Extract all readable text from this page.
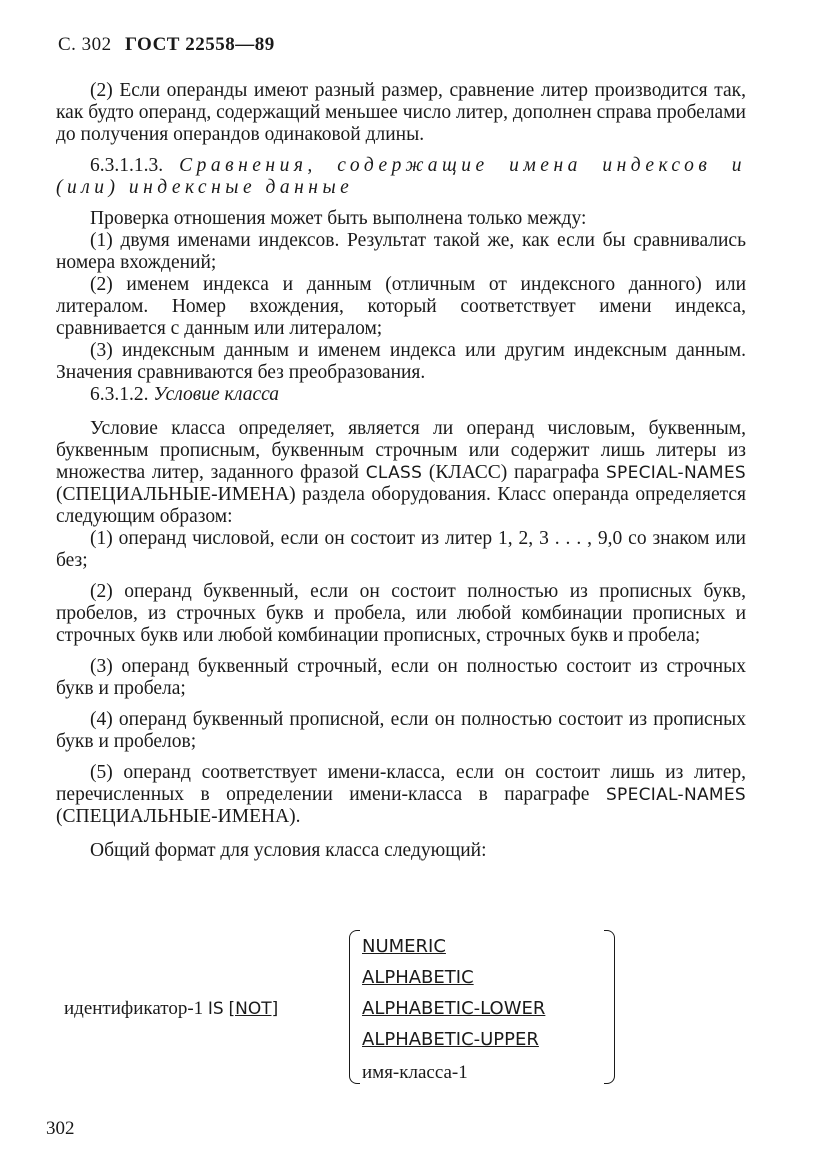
С. 302 ГОСТ 22558—89

(2) Если операнды имеют разный размер, сравнение литер производится так, как будто операнд, содержащий меньшее число литер, дополнен справа пробелами до получения операндов одинаковой длины.

6.3.1.1.3. Сравнения, содержащие имена индексов и (или) индексные данные

Проверка отношения может быть выполнена только между:

(1) двумя именами индексов. Результат такой же, как если бы сравнивались номера вхождений;

(2) именем индекса и данным (отличным от индексного данного) или литералом. Номер вхождения, который соответствует имени индекса, сравнивается с данным или литералом;

(3) индексным данным и именем индекса или другим индексным данным. Значения сравниваются без преобразования.

6.3.1.2. Условие класса

Условие класса определяет, является ли операнд числовым, буквенным, буквенным прописным, буквенным строчным или содержит лишь литеры из множества литер, заданного фразой CLASS (КЛАСС) параграфа SPECIAL-NAMES (СПЕЦИАЛЬНЫЕ-ИМЕНА) раздела оборудования. Класс операнда определяется следующим образом:

(1) операнд числовой, если он состоит из литер 1, 2, 3 . . . , 9,0 со знаком или без;

(2) операнд буквенный, если он состоит полностью из прописных букв, пробелов, из строчных букв и пробела, или любой комбинации прописных и строчных букв или любой комбинации прописных, строчных букв и пробела;

(3) операнд буквенный строчный, если он полностью состоит из строчных букв и пробела;

(4) операнд буквенный прописной, если он полностью состоит из прописных букв и пробелов;

(5) операнд соответствует имени-класса, если он состоит лишь из литер, перечисленных в определении имени-класса в параграфе SPECIAL-NAMES (СПЕЦИАЛЬНЫЕ-ИМЕНА).

Общий формат для условия класса следующий:

идентификатор-1 IS [NOT]
NUMERIC
ALPHABETIC
ALPHABETIC-LOWER
ALPHABETIC-UPPER
имя-класса-1
302
